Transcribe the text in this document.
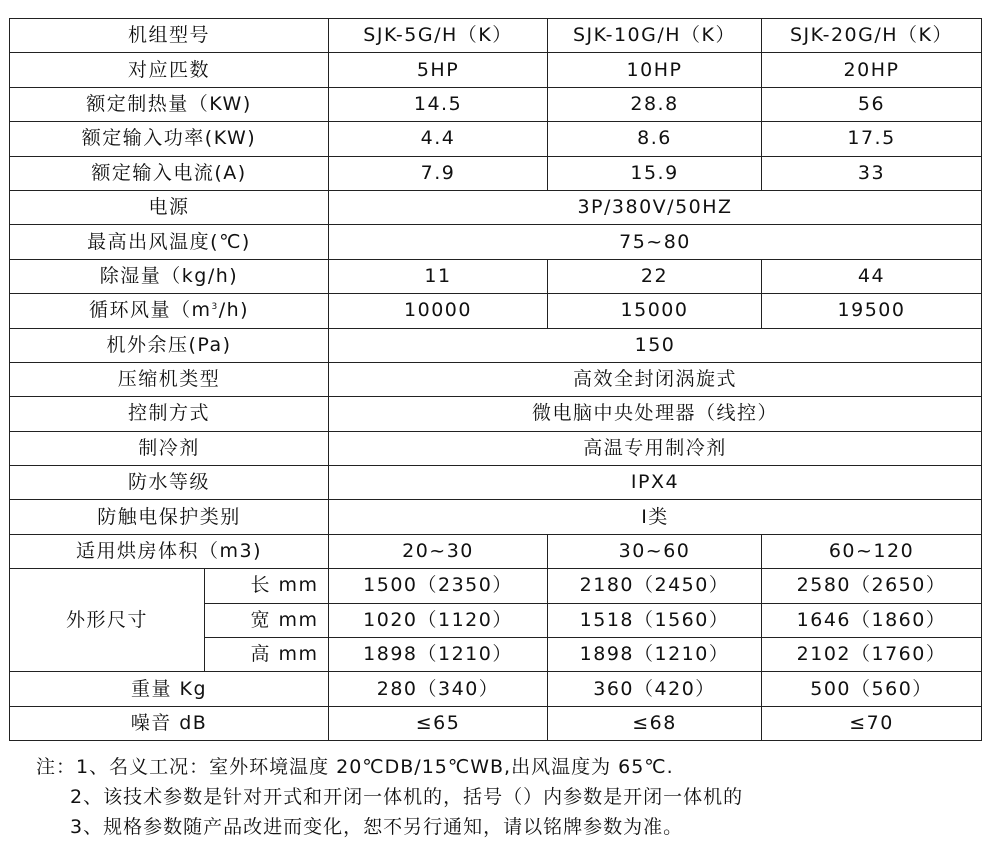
机组型号		SJK-5G/H（K）	SJK-10G/H（K）	SJK-20G/H（K）
对应匹数		5HP	10HP	20HP
额定制热量（KW)		14.5	28.8	56
额定输入功率(KW)		4.4	8.6	17.5
额定输入电流(A)		7.9	15.9	33
电源		3P/380V/50HZ		
最高出风温度(℃)		75~80		
除湿量（kg/h)		11	22	44
循环风量$(m^3/h)$		10000	15000	19500
机外余压(Pa)		150		
压缩机类型		高效全封闭涡旋式		
控制方式		微电脑中央处理器（线控）		
制冷剂		高温专用制冷剂		
防水等级		IPX4		
防触电保护类别		Ⅰ类		
适用烘房体积（m3)		20~30	30~60	60~120
外形尺寸	长 mm	1500（2350）	2180（2450）	2580（2650）
	宽 mm	1020（1120）	1518（1560）	1646（1860）
	高 mm	1898（1210）	1898（1210）	2102（1760）
重量 Kg		280（340）	360（420）	500（560）
噪音 dB		≤65	≤68	≤70
注：1、名义工况：室外环境温度 20℃DB/15℃WB,出风温度为 65℃.
2、该技术参数是针对开式和开闭一体机的，括号（）内参数是开闭一体机的
3、规格参数随产品改进而变化，恕不另行通知，请以铭牌参数为准。
